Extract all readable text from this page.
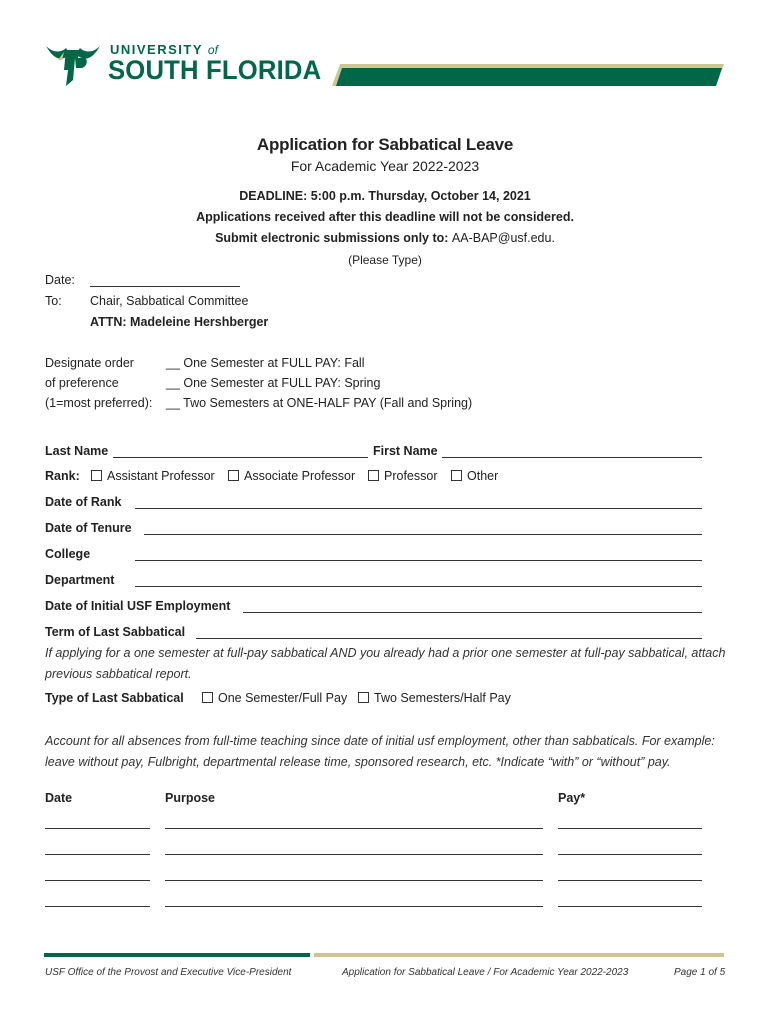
UNIVERSITY of
SOUTH FLORIDA
Application for Sabbatical Leave
For Academic Year 2022-2023
DEADLINE: 5:00 p.m. Thursday, October 14, 2021
Applications received after this deadline will not be considered.
Submit electronic submissions only to: AA-BAP@usf.edu.
(Please Type)
Date:
To: Chair, Sabbatical Committee
ATTN: Madeleine Hershberger
Designate order
of preference
(1=most preferred):
__ One Semester at FULL PAY: Fall
__ One Semester at FULL PAY: Spring
__ Two Semesters at ONE-HALF PAY (Fall and Spring)
Last Name	First Name
Rank:	Assistant Professor	Associate Professor	Professor	Other
Date of Rank
Date of Tenure
College
Department
Date of Initial USF Employment
Term of Last Sabbatical
If applying for a one semester at full-pay sabbatical AND you already had a prior one semester at full-pay sabbatical, attach
previous sabbatical report.
Type of Last Sabbatical	One Semester/Full Pay	Two Semesters/Half Pay
Account for all absences from full-time teaching since date of initial usf employment, other than sabbaticals. For example:
leave without pay, Fulbright, departmental release time, sponsored research, etc. *Indicate “with” or “without” pay.
Date	Purpose	Pay*
USF Office of the Provost and Executive Vice-President	Application for Sabbatical Leave / For Academic Year 2022-2023	Page 1 of 5
